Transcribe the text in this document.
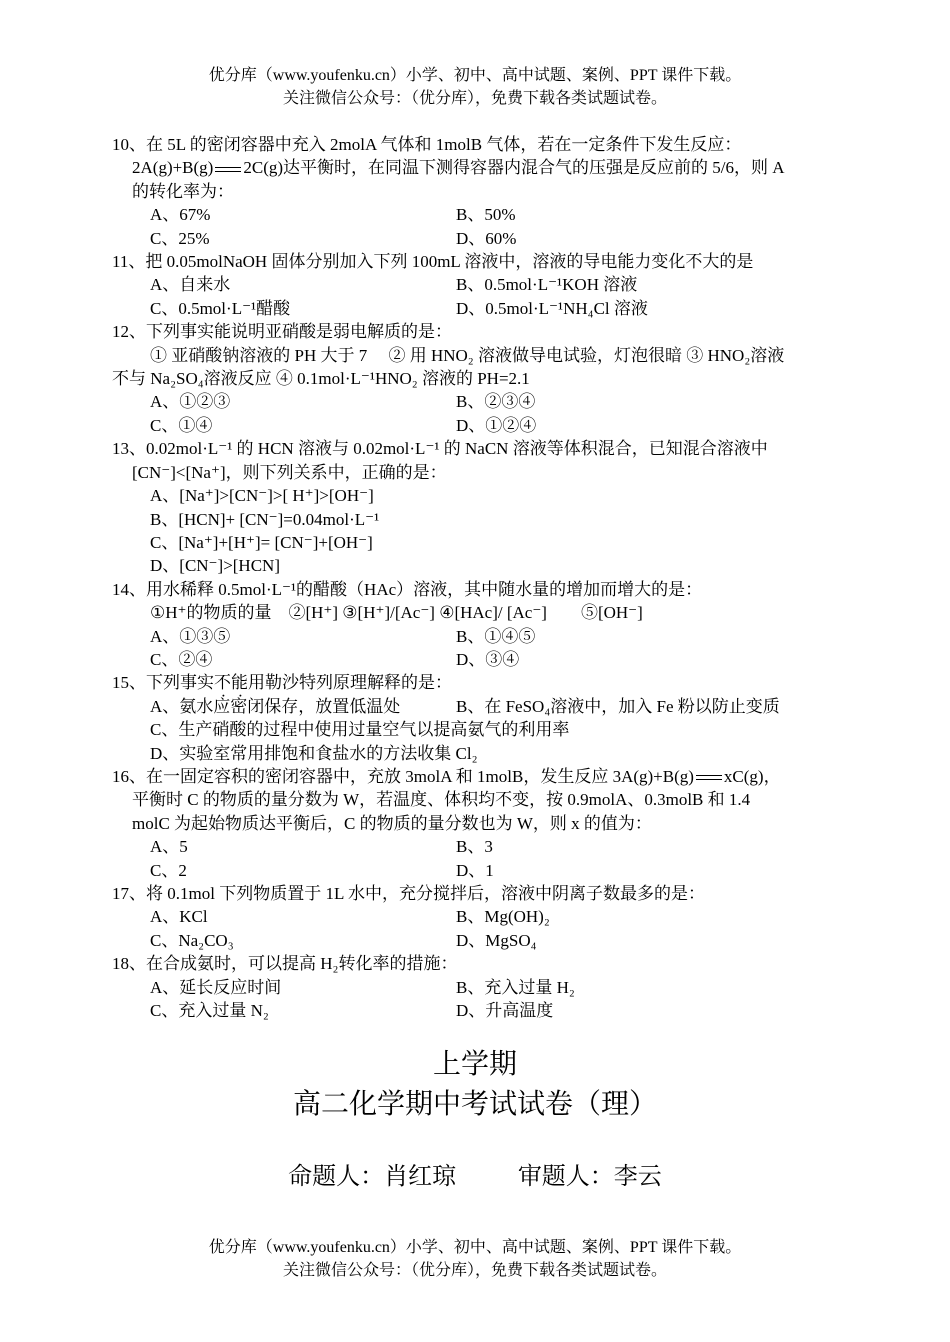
优分库（www.youfenku.cn）小学、初中、高中试题、案例、PPT 课件下载。
关注微信公众号：（优分库），免费下载各类试题试卷。

10、在 5L 的密闭容器中充入 2molA 气体和 1molB 气体，若在一定条件下发生反应：

2A(g)+B(g) 2C(g)达平衡时，在同温下测得容器内混合气的压强是反应前的 5/6，则 A

的转化率为：

A、67%	B、50%
C、25%	D、60%

11、把 0.05molNaOH 固体分别加入下列 100mL 溶液中，溶液的导电能力变化不大的是

A、自来水	B、0.5mol·L⁻¹KOH 溶液
C、0.5mol·L⁻¹醋酸	D、0.5mol·L⁻¹NH₄Cl 溶液

12、下列事实能说明亚硝酸是弱电解质的是：

① 亚硝酸钠溶液的 PH 大于 7　 ② 用 HNO₂ 溶液做导电试验，灯泡很暗 ③ HNO₂溶液

不与 Na₂SO₄溶液反应 ④ 0.1mol·L⁻¹HNO₂ 溶液的 PH=2.1

A、①②③	B、②③④
C、①④	D、①②④

13、0.02mol·L⁻¹ 的 HCN 溶液与 0.02mol·L⁻¹ 的 NaCN 溶液等体积混合，已知混合溶液中

[CN⁻]<[Na⁺]，则下列关系中，正确的是：

A、[Na⁺]>[CN⁻]>[ H⁺]>[OH⁻]

B、[HCN]+ [CN⁻]=0.04mol·L⁻¹

C、[Na⁺]+[H⁺]= [CN⁻]+[OH⁻]

D、[CN⁻]>[HCN]

14、用水稀释 0.5mol·L⁻¹的醋酸（HAc）溶液，其中随水量的增加而增大的是：

①H⁺的物质的量　②[H⁺] ③[H⁺]/[Ac⁻] ④[HAc]/ [Ac⁻]　　⑤[OH⁻]

A、①③⑤	B、①④⑤
C、②④	D、③④

15、下列事实不能用勒沙特列原理解释的是：

A、氨水应密闭保存，放置低温处	B、在 FeSO₄溶液中，加入 Fe 粉以防止变质

C、生产硝酸的过程中使用过量空气以提高氨气的利用率

D、实验室常用排饱和食盐水的方法收集 Cl₂

16、在一固定容积的密闭容器中，充放 3molA 和 1molB，发生反应 3A(g)+B(g) xC(g)，

平衡时 C 的物质的量分数为 W，若温度、体积均不变，按 0.9molA、0.3molB 和 1.4

molC 为起始物质达平衡后，C 的物质的量分数也为 W，则 x 的值为：

A、5	B、3
C、2	D、1

17、将 0.1mol 下列物质置于 1L 水中，充分搅拌后，溶液中阴离子数最多的是：

A、KCl	B、Mg(OH)₂
C、Na₂CO₃	D、MgSO₄

18、在合成氨时，可以提高 H₂转化率的措施：

A、延长反应时间	B、充入过量 H₂
C、充入过量 N₂	D、升高温度
上学期
高二化学期中考试试卷（理）
命题人：肖红琼	审题人：李云
优分库（www.youfenku.cn）小学、初中、高中试题、案例、PPT 课件下载。
关注微信公众号：（优分库），免费下载各类试题试卷。
